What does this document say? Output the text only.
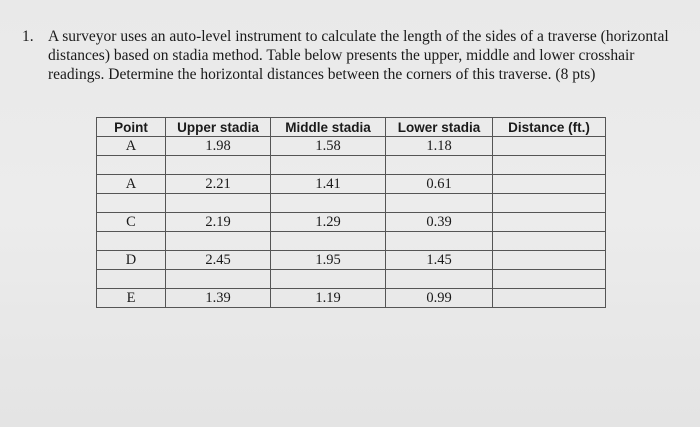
1. A surveyor uses an auto-level instrument to calculate the length of the sides of a traverse (horizontal distances) based on stadia method. Table below presents the upper, middle and lower crosshair readings. Determine the horizontal distances between the corners of this traverse. (8 pts)
Point	Upper stadia	Middle stadia	Lower stadia	Distance (ft.)
A	1.98	1.58	1.18	

A	2.21	1.41	0.61	

C	2.19	1.29	0.39	

D	2.45	1.95	1.45	

E	1.39	1.19	0.99	
